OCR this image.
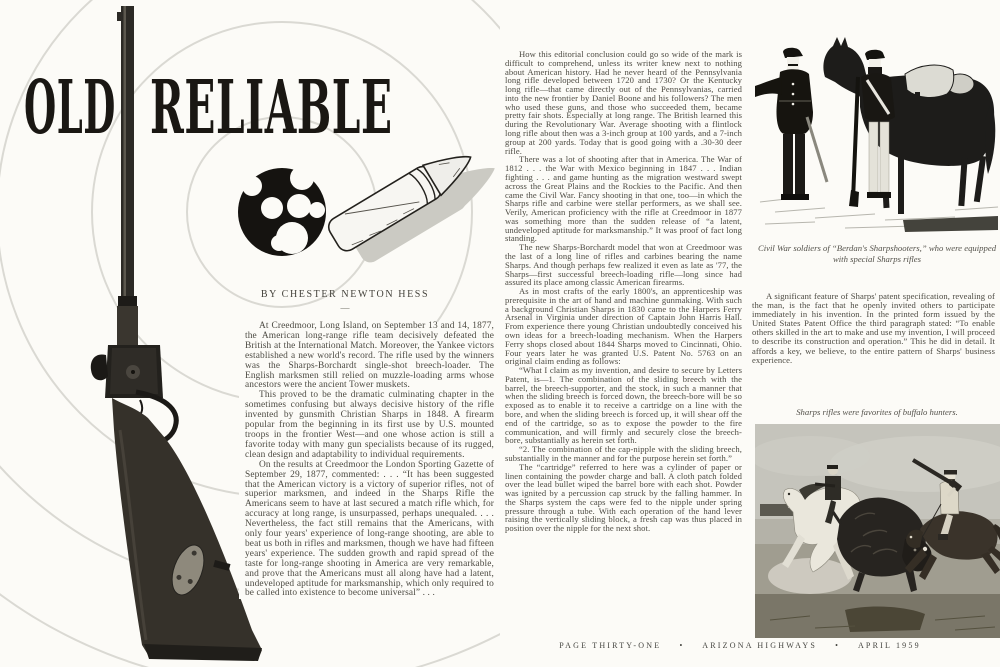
OLD RELIABLE
BY CHESTER NEWTON HESS
—

At Creedmoor, Long Island, on September 13 and 14, 1877, the American long-range rifle team decisively defeated the British at the International Match. Moreover, the Yankee victors established a new world's record. The rifle used by the winners was the Sharps-Borchardt single-shot breech-loader. The English marksmen still relied on muzzle-loading arms whose ancestors were the ancient Tower muskets.

This proved to be the dramatic culminating chapter in the sometimes confusing but always decisive history of the rifle invented by gunsmith Christian Sharps in 1848. A firearm popular from the beginning in its first use by U.S. mounted troops in the frontier West—and one whose action is still a favorite today with many gun specialists because of its rugged, clean design and adaptability to individual requirements.

On the results at Creedmoor the London Sporting Gazette of September 29, 1877, commented: . . . “It has been suggested that the American victory is a victory of superior rifles, not of superior marksmen, and indeed in the Sharps Rifle the Americans seem to have at last secured a match rifle which, for accuracy at long range, is unsurpassed, perhaps unequaled. . . . Nevertheless, the fact still remains that the Americans, with only four years' experience of long-range shooting, are able to beat us both in rifles and marksmen, though we have had fifteen years' experience. The sudden growth and rapid spread of the taste for long-range shooting in America are very remarkable, and prove that the Americans must all along have had a latent, undeveloped aptitude for marksmanship, which only required to be called into existence to become universal” . . .

How this editorial conclusion could go so wide of the mark is difficult to comprehend, unless its writer knew next to nothing about American history. Had he never heard of the Pennsylvania long rifle developed between 1720 and 1730? Or the Kentucky long rifle—that came directly out of the Pennsylvanias, carried into the new frontier by Daniel Boone and his followers? The men who used these guns, and those who succeeded them, became pretty fair shots. Especially at long range. The British learned this during the Revolutionary War. Average shooting with a flintlock long rifle about then was a 3-inch group at 100 yards, and a 7-inch group at 200 yards. Today that is good going with a .30-30 deer rifle.

There was a lot of shooting after that in America. The War of 1812 . . . the War with Mexico beginning in 1847 . . . Indian fighting . . . and game hunting as the migration westward swept across the Great Plains and the Rockies to the Pacific. And then came the Civil War. Fancy shooting in that one, too—in which the Sharps rifle and carbine were stellar performers, as we shall see. Verily, American proficiency with the rifle at Creedmoor in 1877 was something more than the sudden release of “a latent, undeveloped aptitude for marksmanship.” It was proof of fact long standing.

The new Sharps-Borchardt model that won at Creedmoor was the last of a long line of rifles and carbines bearing the name Sharps. And though perhaps few realized it even as late as '77, the Sharps—first successful breech-loading rifle—long since had assured its place among classic American firearms.

As in most crafts of the early 1800's, an apprenticeship was prerequisite in the art of hand and machine gunmaking. With such a background Christian Sharps in 1830 came to the Harpers Ferry Arsenal in Virginia under direction of Captain John Harris Hall. From experience there young Christian undoubtedly conceived his own ideas for a breech-loading mechanism. When the Harpers Ferry shops closed about 1844 Sharps moved to Cincinnati, Ohio. Four years later he was granted U.S. Patent No. 5763 on an original claim ending as follows:

“What I claim as my invention, and desire to secure by Letters Patent, is—1. The combination of the sliding breech with the barrel, the breech-supporter, and the stock, in such a manner that when the sliding breech is forced down, the breech-bore will be so exposed as to enable it to receive a cartridge on a line with the bore, and when the sliding breech is forced up, it will shear off the end of the cartridge, so as to expose the powder to the fire communication, and will firmly and securely close the breech-bore, substantially as herein set forth.

“2. The combination of the cap-nipple with the sliding breech, substantially in the manner and for the purpose herein set forth.”

The “cartridge” referred to here was a cylinder of paper or linen containing the powder charge and ball. A cloth patch folded over the lead bullet wiped the barrel bore with each shot. Powder was ignited by a percussion cap struck by the falling hammer. In the Sharps system the caps were fed to the nipple under spring pressure through a tube. With each operation of the hand lever raising the vertically sliding block, a fresh cap was thus placed in position over the nipple for the next shot.

Civil War soldiers of “Berdan's Sharpshooters,” who were equipped with special Sharps rifles

A significant feature of Sharps' patent specification, revealing of the man, is the fact that he openly invited others to participate immediately in his invention. In the printed form issued by the United States Patent Office the third paragraph stated: “To enable others skilled in the art to make and use my invention, I will proceed to describe its construction and operation.” This he did in detail. It affords a key, we believe, to the entire pattern of Sharps' business experience.

Sharps rifles were favorites of buffalo hunters.
PAGE THIRTY-ONE • ARIZONA HIGHWAYS • APRIL 1959
